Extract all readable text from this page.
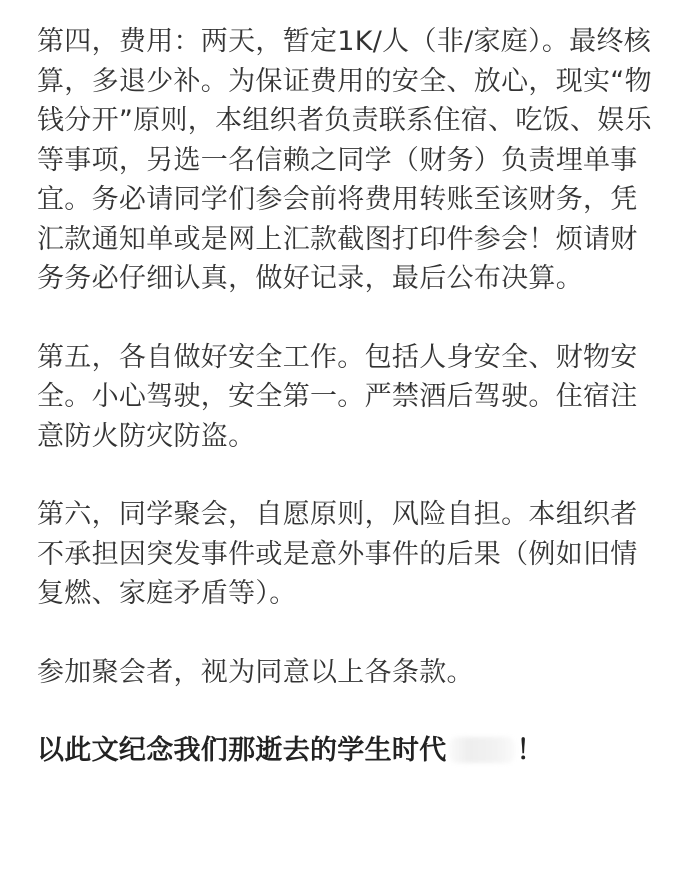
第四，费用：两天，暂定1K/人（非/家庭）。最终核算，多退少补。为保证费用的安全、放心，现实“物钱分开”原则，本组织者负责联系住宿、吃饭、娱乐等事项，另选一名信赖之同学（财务）负责埋单事宜。务必请同学们参会前将费用转账至该财务，凭汇款通知单或是网上汇款截图打印件参会！烦请财务务必仔细认真，做好记录，最后公布决算。

第五，各自做好安全工作。包括人身安全、财物安全。小心驾驶，安全第一。严禁酒后驾驶。住宿注意防火防灾防盗。

第六，同学聚会，自愿原则，风险自担。本组织者不承担因突发事件或是意外事件的后果（例如旧情复燃、家庭矛盾等）。

参加聚会者，视为同意以上各条款。

以此文纪念我们那逝去的学生时代	！
